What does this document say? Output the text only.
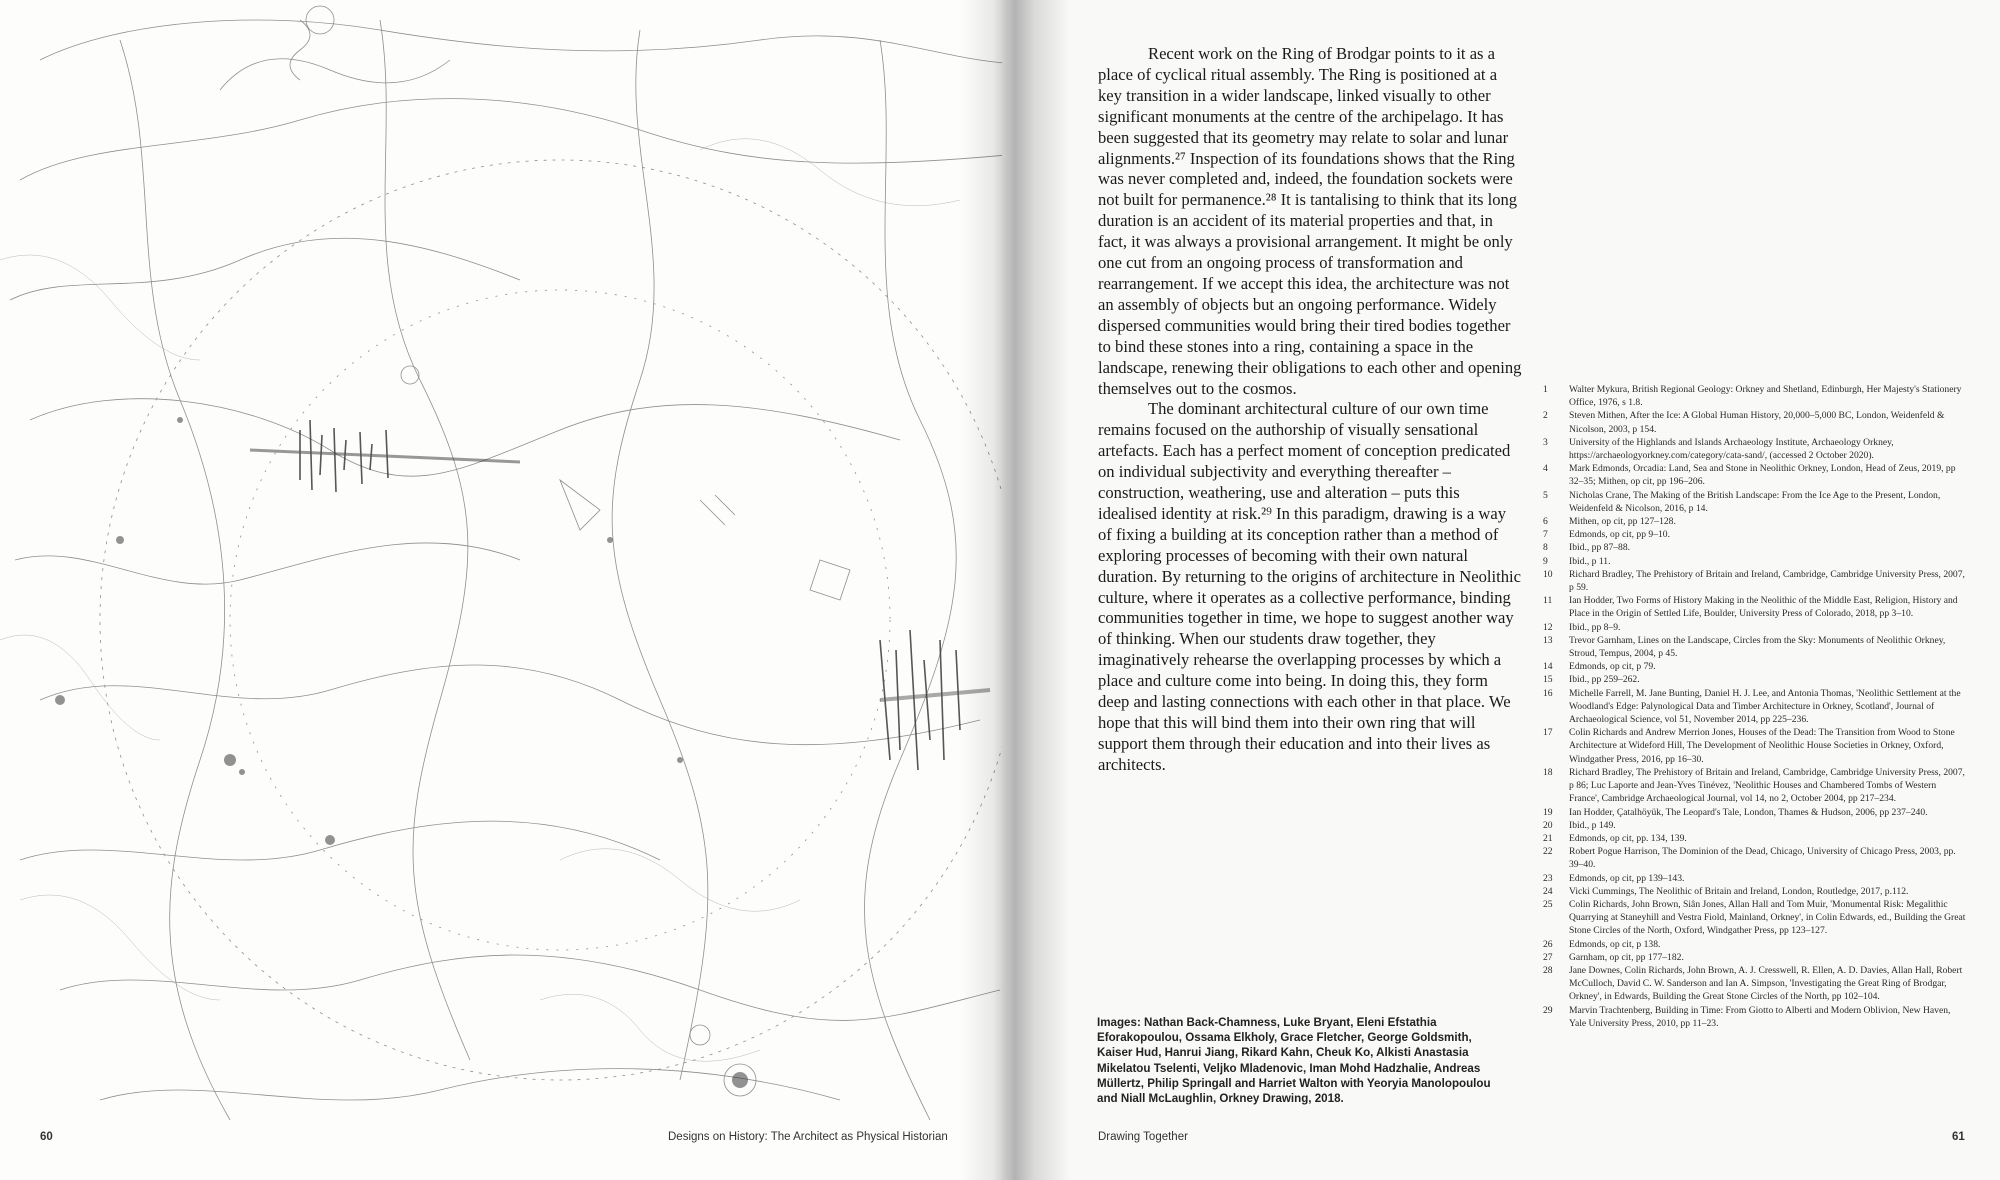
Recent work on the Ring of Brodgar points to it as a place of cyclical ritual assembly. The Ring is positioned at a key transition in a wider landscape, linked visually to other significant monuments at the centre of the archipelago. It has been suggested that its geometry may relate to solar and lunar alignments.²⁷ Inspection of its foundations shows that the Ring was never completed and, indeed, the foundation sockets were not built for permanence.²⁸ It is tantalising to think that its long duration is an accident of its material properties and that, in fact, it was always a provisional arrangement. It might be only one cut from an ongoing process of transformation and rearrangement. If we accept this idea, the architecture was not an assembly of objects but an ongoing performance. Widely dispersed communities would bring their tired bodies together to bind these stones into a ring, containing a space in the landscape, renewing their obligations to each other and opening themselves out to the cosmos.

The dominant architectural culture of our own time remains focused on the authorship of visually sensational artefacts. Each has a perfect moment of conception predicated on individual subjectivity and everything thereafter – construction, weathering, use and alteration – puts this idealised identity at risk.²⁹ In this paradigm, drawing is a way of fixing a building at its conception rather than a method of exploring processes of becoming with their own natural duration. By returning to the origins of architecture in Neolithic culture, where it operates as a collective performance, binding communities together in time, we hope to suggest another way of thinking. When our students draw together, they imaginatively rehearse the overlapping processes by which a place and culture come into being. In doing this, they form deep and lasting connections with each other in that place. We hope that this will bind them into their own ring that will support them through their education and into their lives as architects.

1	Walter Mykura, British Regional Geology: Orkney and Shetland, Edinburgh, Her Majesty's Stationery Office, 1976, s 1.8.
2	Steven Mithen, After the Ice: A Global Human History, 20,000–5,000 BC, London, Weidenfeld & Nicolson, 2003, p 154.
3	University of the Highlands and Islands Archaeology Institute, Archaeology Orkney, https://archaeologyorkney.com/category/cata-sand/, (accessed 2 October 2020).
4	Mark Edmonds, Orcadia: Land, Sea and Stone in Neolithic Orkney, London, Head of Zeus, 2019, pp 32–35; Mithen, op cit, pp 196–206.
5	Nicholas Crane, The Making of the British Landscape: From the Ice Age to the Present, London, Weidenfeld & Nicolson, 2016, p 14.
6	Mithen, op cit, pp 127–128.
7	Edmonds, op cit, pp 9–10.
8	Ibid., pp 87–88.
9	Ibid., p 11.
10	Richard Bradley, The Prehistory of Britain and Ireland, Cambridge, Cambridge University Press, 2007, p 59.
11	Ian Hodder, Two Forms of History Making in the Neolithic of the Middle East, Religion, History and Place in the Origin of Settled Life, Boulder, University Press of Colorado, 2018, pp 3–10.
12	Ibid., pp 8–9.
13	Trevor Garnham, Lines on the Landscape, Circles from the Sky: Monuments of Neolithic Orkney, Stroud, Tempus, 2004, p 45.
14	Edmonds, op cit, p 79.
15	Ibid., pp 259–262.
16	Michelle Farrell, M. Jane Bunting, Daniel H. J. Lee, and Antonia Thomas, 'Neolithic Settlement at the Woodland's Edge: Palynological Data and Timber Architecture in Orkney, Scotland', Journal of Archaeological Science, vol 51, November 2014, pp 225–236.
17	Colin Richards and Andrew Merrion Jones, Houses of the Dead: The Transition from Wood to Stone Architecture at Wideford Hill, The Development of Neolithic House Societies in Orkney, Oxford, Windgather Press, 2016, pp 16–30.
18	Richard Bradley, The Prehistory of Britain and Ireland, Cambridge, Cambridge University Press, 2007, p 86; Luc Laporte and Jean-Yves Tinévez, 'Neolithic Houses and Chambered Tombs of Western France', Cambridge Archaeological Journal, vol 14, no 2, October 2004, pp 217–234.
19	Ian Hodder, Çatalhöyük, The Leopard's Tale, London, Thames & Hudson, 2006, pp 237–240.
20	Ibid., p 149.
21	Edmonds, op cit, pp. 134, 139.
22	Robert Pogue Harrison, The Dominion of the Dead, Chicago, University of Chicago Press, 2003, pp. 39–40.
23	Edmonds, op cit, pp 139–143.
24	Vicki Cummings, The Neolithic of Britain and Ireland, London, Routledge, 2017, p.112.
25	Colin Richards, John Brown, Siân Jones, Allan Hall and Tom Muir, 'Monumental Risk: Megalithic Quarrying at Staneyhill and Vestra Fiold, Mainland, Orkney', in Colin Edwards, ed., Building the Great Stone Circles of the North, Oxford, Windgather Press, pp 123–127.
26	Edmonds, op cit, p 138.
27	Garnham, op cit, pp 177–182.
28	Jane Downes, Colin Richards, John Brown, A. J. Cresswell, R. Ellen, A. D. Davies, Allan Hall, Robert McCulloch, David C. W. Sanderson and Ian A. Simpson, 'Investigating the Great Ring of Brodgar, Orkney', in Edwards, Building the Great Stone Circles of the North, pp 102–104.
29	Marvin Trachtenberg, Building in Time: From Giotto to Alberti and Modern Oblivion, New Haven, Yale University Press, 2010, pp 11–23.
Images: Nathan Back-Chamness, Luke Bryant, Eleni Efstathia Eforakopoulou, Ossama Elkholy, Grace Fletcher, George Goldsmith, Kaiser Hud, Hanrui Jiang, Rikard Kahn, Cheuk Ko, Alkisti Anastasia Mikelatou Tselenti, Veljko Mladenovic, Iman Mohd Hadzhalie, Andreas Müllertz, Philip Springall and Harriet Walton with Yeoryia Manolopoulou and Niall McLaughlin, Orkney Drawing, 2018.
60	Designs on History: The Architect as Physical Historian	Drawing Together	61
